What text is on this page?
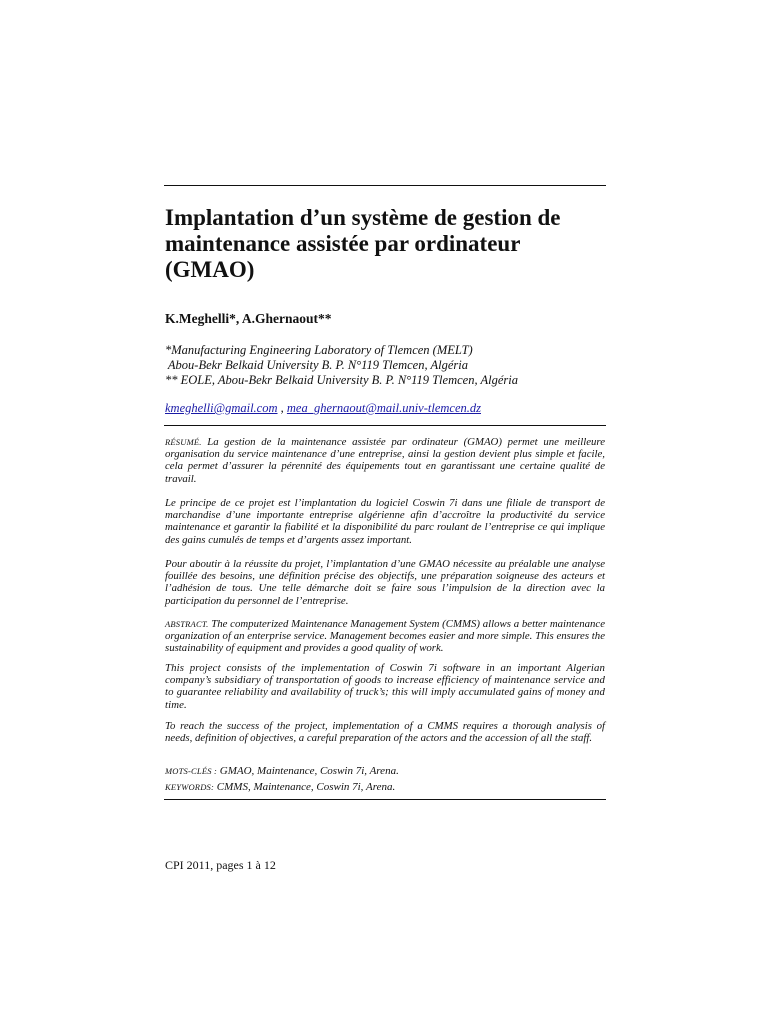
Implantation d’un système de gestion de maintenance assistée par ordinateur (GMAO)
K.Meghelli*, A.Ghernaout**
*Manufacturing Engineering Laboratory of Tlemcen (MELT)
Abou-Bekr Belkaid University B. P. N°119 Tlemcen, Algéria
** EOLE, Abou-Bekr Belkaid University B. P. N°119 Tlemcen, Algéria
kmeghelli@gmail.com , mea_ghernaout@mail.univ-tlemcen.dz

RÉSUMÉ. La gestion de la maintenance assistée par ordinateur (GMAO) permet une meilleure organisation du service maintenance d’une entreprise, ainsi la gestion devient plus simple et facile, cela permet d’assurer la pérennité des équipements tout en garantissant une certaine qualité de travail.

Le principe de ce projet est l’implantation du logiciel Coswin 7i dans une filiale de transport de marchandise d’une importante entreprise algérienne afin d’accroître la productivité du service maintenance et garantir la fiabilité et la disponibilité du parc roulant de l’entreprise ce qui implique des gains cumulés de temps et d’argents assez important.

Pour aboutir à la réussite du projet, l’implantation d’une GMAO nécessite au préalable une analyse fouillée des besoins, une définition précise des objectifs, une préparation soigneuse des acteurs et l’adhésion de tous. Une telle démarche doit se faire sous l’impulsion de la direction avec la participation du personnel de l’entreprise.

ABSTRACT. The computerized Maintenance Management System (CMMS) allows a better maintenance organization of an enterprise service. Management becomes easier and more simple. This ensures the sustainability of equipment and provides a good quality of work.

This project consists of the implementation of Coswin 7i software in an important Algerian company’s subsidiary of transportation of goods to increase efficiency of maintenance service and to guarantee reliability and availability of truck’s; this will imply accumulated gains of money and time.

To reach the success of the project, implementation of a CMMS requires a thorough analysis of needs, definition of objectives, a careful preparation of the actors and the accession of all the staff.

MOTS-CLÉS : GMAO, Maintenance, Coswin 7i, Arena.
KEYWORDS: CMMS, Maintenance, Coswin 7i, Arena.
CPI 2011, pages 1 à 12
